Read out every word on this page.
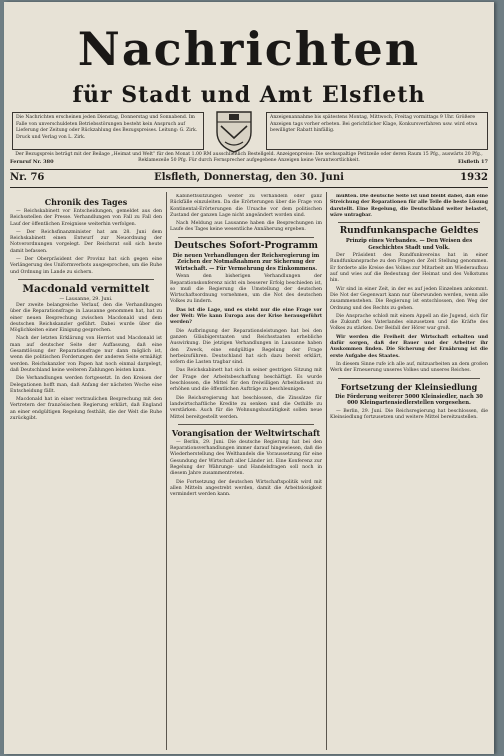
Nachrichten
für Stadt und Amt Elsfleth
Die Nachrichten erscheinen jeden Dienstag, Donnerstag und Sonnabend. Im Falle von unverschuldeten Betriebsstörungen besteht kein Anspruch auf Lieferung der Zeitung oder Rückzahlung des Bezugspreises. Leitung: G. Zirk. Druck und Verlag von L. Zirk.
Anzeigenannahme bis spätestens Montag, Mittwoch, Freitag vormittags 9 Uhr. Größere Anzeigen tags vorher erbeten. Bei gerichtlicher Klage, Konkursverfahren usw. wird etwa bewilligter Rabatt hinfällig.
Der Bezugspreis beträgt mit der Beilage „Heimat und Welt“ für den Monat 1.00 RM ausschließlich Bestellgeld. Anzeigenpreise: Die sechsspaltige Petitzeile oder deren Raum 15 Pfg., auswärts 20 Pfg., Reklamezeile 50 Pfg. Für durch Fernsprecher aufgegebene Anzeigen keine Verantwortlichkeit.
Fernruf Nr. 380	Elsfleth 17
Nr. 76	Elsfleth, Donnerstag, den 30. Juni	1932
Chronik des Tages

— Reichskabinett vor Entscheidungen, gemeldet aus den Reichsstellen der Presse. Verhandlungen von Fall zu Fall den Lauf der öffentlichen Ereignisse weiterhin verfolgen.

— Der Reichsfinanzminister hat am 28. Juni dem Reichskabinett einen Entwurf zur Neuordnung der Notverordnungen vorgelegt. Der Reichsrat soll sich heute damit befassen.

— Der Oberpräsident der Provinz hat sich gegen eine Verlängerung des Uniformverbots ausgesprochen, um die Ruhe und Ordnung im Lande zu sichern.

Macdonald vermittelt
— Lausanne, 29. Juni.

Der zweite belangreiche Verlauf, den die Verhandlungen über die Reparationsfrage in Lausanne genommen hat, hat zu einer neuen Besprechung zwischen Macdonald und dem deutschen Reichskanzler geführt. Dabei wurde über die Möglichkeiten einer Einigung gesprochen.

Nach der letzten Erklärung von Herriot und Macdonald ist man auf deutscher Seite der Auffassung, daß eine Gesamtlösung der Reparationsfrage nur dann möglich ist, wenn die politischen Forderungen der anderen Seite ermäßigt werden. Reichskanzler von Papen hat noch einmal dargelegt, daß Deutschland keine weiteren Zahlungen leisten kann.

Die Verhandlungen werden fortgesetzt. In den Kreisen der Delegationen hofft man, daß Anfang der nächsten Woche eine Entscheidung fällt.

Macdonald hat in einer vertraulichen Besprechung mit den Vertretern der französischen Regierung erklärt, daß England an einer endgültigen Regelung festhält, die der Welt die Ruhe zurückgibt.

Kabinettssitzungen weiter zu verhandeln oder ganz Rückfälle einzuleiten. Da die Erörterungen über die Frage von Kontinental-Erörterungen die Ursache vor dem politischen Zustand der ganzen Lage nicht angeändert worden sind.

Nach Meldung aus Lausanne haben die Besprechungen im Laufe des Tages keine wesentliche Annäherung ergeben.

Deutsches Sofort-Programm
Die neuen Verhandlungen der Reichsregierung im Zeichen der Notmaßnahmen zur Sicherung der Wirtschaft. — Für Vermehrung des Einkommens.

Wenn den bisherigen Verhandlungen der Reparationskonferenz nicht ein besserer Erfolg beschieden ist, so muß die Regierung die Umstellung der deutschen Wirtschaftsordnung vornehmen, um die Not des deutschen Volkes zu lindern.

Das ist die Lage, und es steht nur die eine Frage vor der Welt: Wie kann Europa aus der Krise herausgeführt werden?

Die Aufbringung der Reparationsleistungen hat bei den ganzen Gläubigerstaaten und Reichsstaaten erhebliche Auswirkung. Die jetzigen Verhandlungen in Lausanne haben den Zweck, eine endgültige Regelung der Frage herbeizuführen. Deutschland hat sich dazu bereit erklärt, sofern die Lasten tragbar sind.

Das Reichskabinett hat sich in seiner gestrigen Sitzung mit der Frage der Arbeitsbeschaffung beschäftigt. Es wurde beschlossen, die Mittel für den freiwilligen Arbeitsdienst zu erhöhen und die öffentlichen Aufträge zu beschleunigen.

Die Reichsregierung hat beschlossen, die Zinssätze für landwirtschaftliche Kredite zu senken und die Osthilfe zu verstärken. Auch für die Wohnungsbautätigkeit sollen neue Mittel bereitgestellt werden.

Vorangisation der Weltwirtschaft

— Berlin, 29. Juni. Die deutsche Regierung hat bei den Reparationsverhandlungen immer darauf hingewiesen, daß die Wiederherstellung des Welthandels die Voraussetzung für eine Gesundung der Wirtschaft aller Länder ist. Eine Konferenz zur Regelung der Währungs- und Handelsfragen soll noch in diesem Jahre zusammentreten.

Die Fortsetzung der deutschen Wirtschaftspolitik wird mit allen Mitteln angestrebt werden, damit die Arbeitslosigkeit vermindert werden kann.

müßten. Die deutsche Seite ist und bleibt dabei, daß eine Streichung der Reparationen für alle Teile die beste Lösung darstellt. Eine Regelung, die Deutschland weiter belastet, wäre untragbar.

Rundfunkanspache Geldtes
Prinzip eines Verbandes. — Den Weisen des Geschichtes Stadt und Volk.

Der Präsident des Rundfunkvereins hat in einer Rundfunkansprache zu den Fragen der Zeit Stellung genommen. Er forderte alle Kreise des Volkes zur Mitarbeit am Wiederaufbau auf und wies auf die Bedeutung der Heimat und des Volkstums hin.

Wir sind in einer Zeit, in der es auf jeden Einzelnen ankommt. Die Not der Gegenwart kann nur überwunden werden, wenn alle zusammenstehen. Die Regierung ist entschlossen, den Weg der Ordnung und des Rechts zu gehen.

Die Ansprache schloß mit einem Appell an die Jugend, sich für die Zukunft des Vaterlandes einzusetzen und die Kräfte des Volkes zu stärken. Der Beifall der Hörer war groß.

Wir werden die Freiheit der Wirtschaft erhalten und dafür sorgen, daß der Bauer und der Arbeiter ihr Auskommen finden. Die Sicherung der Ernährung ist die erste Aufgabe des Staates.

In diesem Sinne rufe ich alle auf, mitzuarbeiten an dem großen Werk der Erneuerung unseres Volkes und unseres Reiches.

Fortsetzung der Kleinsiedlung
Die Förderung weiterer 5000 Kleinsiedler, nach 30 000 Kleingartensiedlerstellen vorgesehen.

— Berlin, 29. Juni. Die Reichsregierung hat beschlossen, die Kleinsiedlung fortzusetzen und weitere Mittel bereitzustellen.
